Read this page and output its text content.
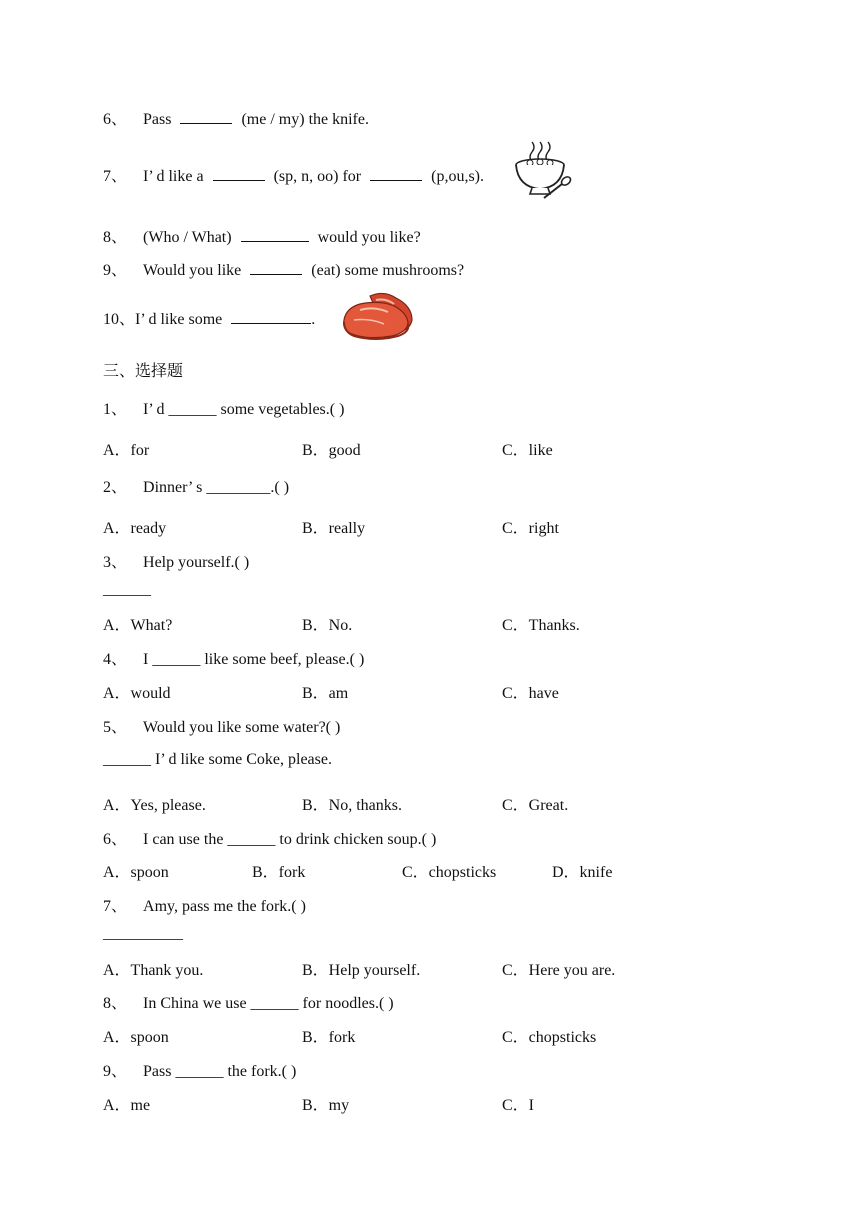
6、 Pass	(me / my) the knife.
7、 I’ d like a	(sp, n, oo) for	(p,ou,s).
8、 (Who / What)	would you like?
9、 Would you like	(eat) some mushrooms?
10、I’ d like some	.
三、选择题
1、 I’ d ______ some vegetables.( )
A．for	B．good	C．like
2、 Dinner’ s ________.( )
A．ready	B．really	C．right
3、 Help yourself.( )
______
A．What?	B．No.	C．Thanks.
4、 I ______ like some beef, please.( )
A．would	B．am	C．have
5、 Would you like some water?( )
______ I’ d like some Coke, please.
A．Yes, please.	B．No, thanks.	C．Great.
6、 I can use the ______ to drink chicken soup.( )
A．spoon	B．fork	C．chopsticks	D．knife
7、 Amy, pass me the fork.( )
__________
A．Thank you.	B．Help yourself.	C．Here you are.
8、 In China we use ______ for noodles.( )
A．spoon	B．fork	C．chopsticks
9、 Pass ______ the fork.( )
A．me	B．my	C．I
